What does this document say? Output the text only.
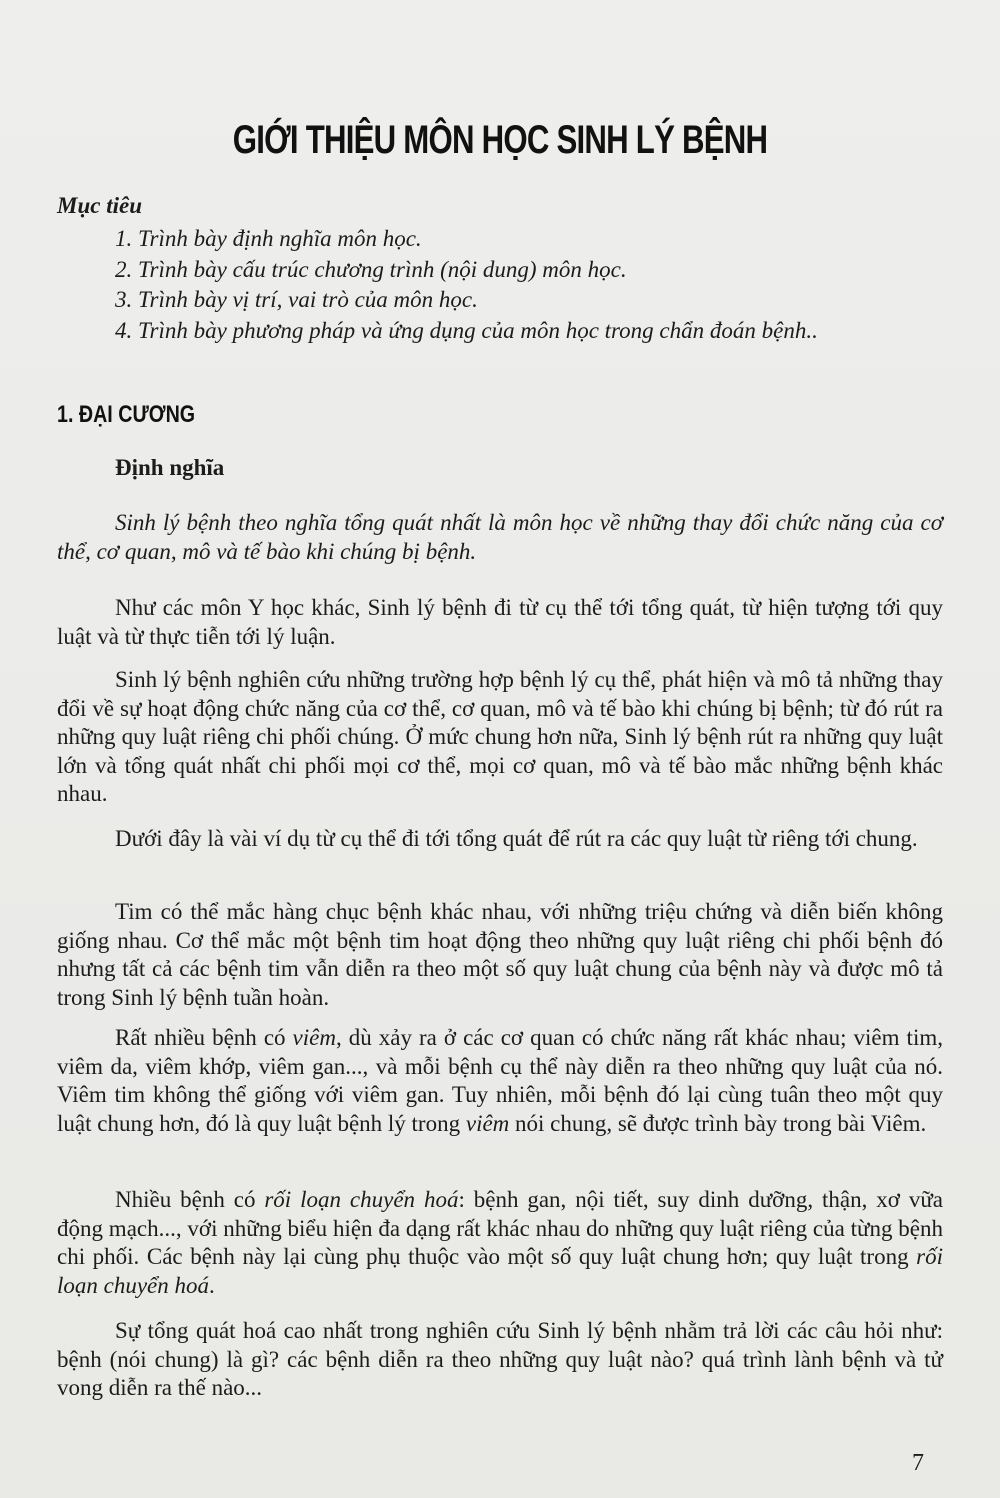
GIỚI THIỆU MÔN HỌC SINH LÝ BỆNH
Mục tiêu
1. Trình bày định nghĩa môn học.
2. Trình bày cấu trúc chương trình (nội dung) môn học.
3. Trình bày vị trí, vai trò của môn học.
4. Trình bày phương pháp và ứng dụng của môn học trong chẩn đoán bệnh..
1. ĐẠI CƯƠNG
Định nghĩa

Sinh lý bệnh theo nghĩa tổng quát nhất là môn học về những thay đổi chức năng của cơ thể, cơ quan, mô và tế bào khi chúng bị bệnh.

Như các môn Y học khác, Sinh lý bệnh đi từ cụ thể tới tổng quát, từ hiện tượng tới quy luật và từ thực tiễn tới lý luận.

Sinh lý bệnh nghiên cứu những trường hợp bệnh lý cụ thể, phát hiện và mô tả những thay đổi về sự hoạt động chức năng của cơ thể, cơ quan, mô và tế bào khi chúng bị bệnh; từ đó rút ra những quy luật riêng chi phối chúng. Ở mức chung hơn nữa, Sinh lý bệnh rút ra những quy luật lớn và tổng quát nhất chi phối mọi cơ thể, mọi cơ quan, mô và tế bào mắc những bệnh khác nhau.

Dưới đây là vài ví dụ từ cụ thể đi tới tổng quát để rút ra các quy luật từ riêng tới chung.

Tim có thể mắc hàng chục bệnh khác nhau, với những triệu chứng và diễn biến không giống nhau. Cơ thể mắc một bệnh tim hoạt động theo những quy luật riêng chi phối bệnh đó nhưng tất cả các bệnh tim vẫn diễn ra theo một số quy luật chung của bệnh này và được mô tả trong Sinh lý bệnh tuần hoàn.

Rất nhiều bệnh có viêm, dù xảy ra ở các cơ quan có chức năng rất khác nhau; viêm tim, viêm da, viêm khớp, viêm gan..., và mỗi bệnh cụ thể này diễn ra theo những quy luật của nó. Viêm tim không thể giống với viêm gan. Tuy nhiên, mỗi bệnh đó lại cùng tuân theo một quy luật chung hơn, đó là quy luật bệnh lý trong viêm nói chung, sẽ được trình bày trong bài Viêm.

Nhiều bệnh có rối loạn chuyển hoá: bệnh gan, nội tiết, suy dinh dưỡng, thận, xơ vữa động mạch..., với những biểu hiện đa dạng rất khác nhau do những quy luật riêng của từng bệnh chi phối. Các bệnh này lại cùng phụ thuộc vào một số quy luật chung hơn; quy luật trong rối loạn chuyển hoá.

Sự tổng quát hoá cao nhất trong nghiên cứu Sinh lý bệnh nhằm trả lời các câu hỏi như: bệnh (nói chung) là gì? các bệnh diễn ra theo những quy luật nào? quá trình lành bệnh và tử vong diễn ra thế nào...

7
